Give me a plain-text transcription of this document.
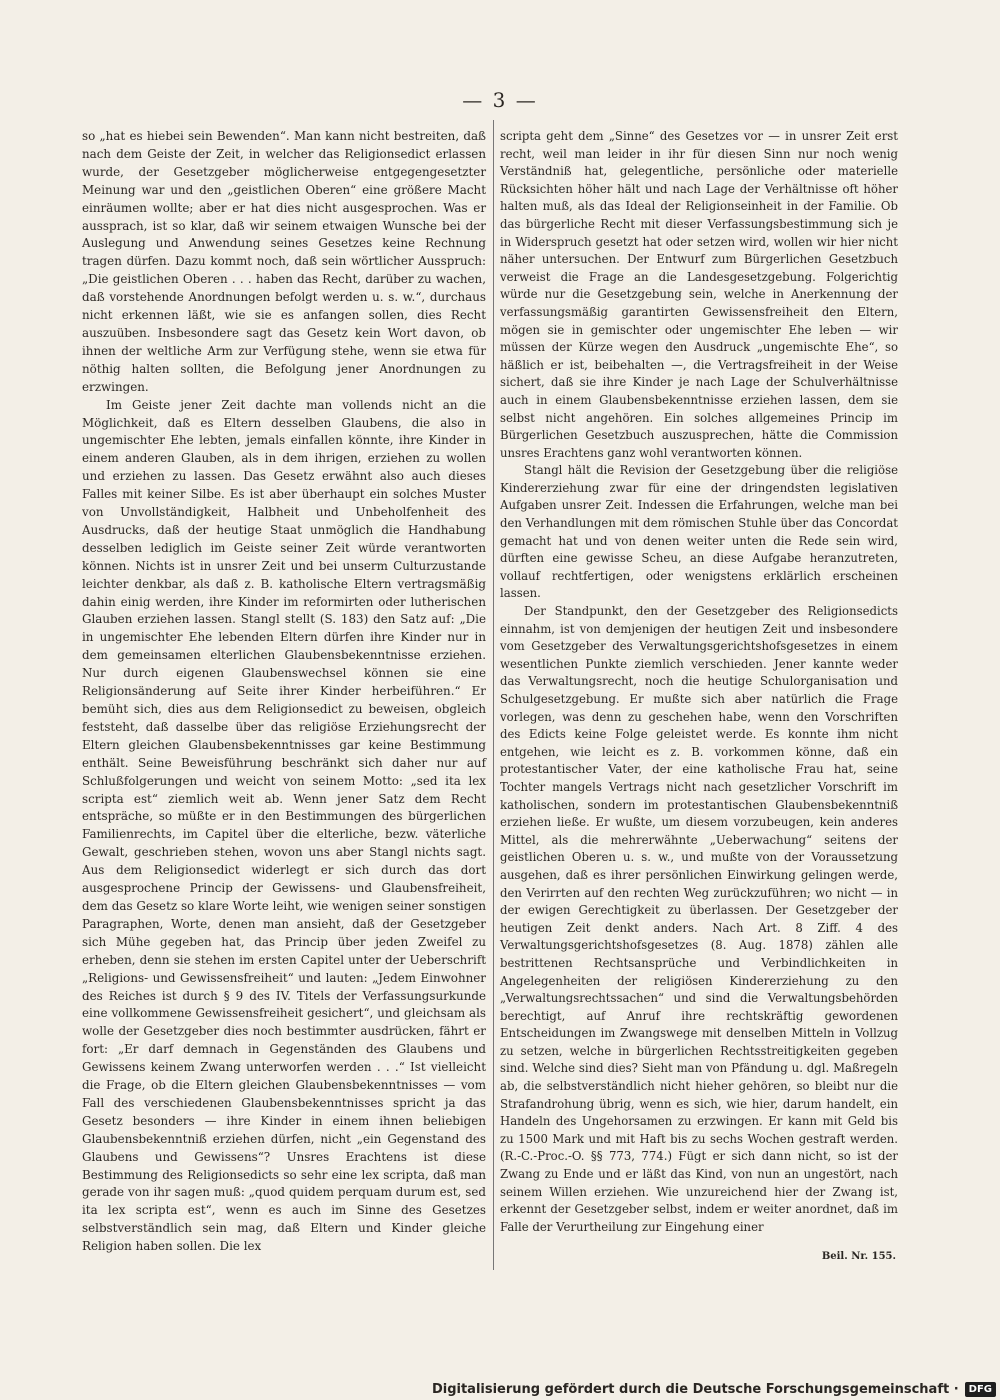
— 3 —

so „hat es hiebei sein Bewenden“. Man kann nicht bestreiten, daß nach dem Geiste der Zeit, in welcher das Religionsedict erlassen wurde, der Gesetzgeber möglicherweise entgegengesetzter Meinung war und den „geistlichen Oberen“ eine größere Macht einräumen wollte; aber er hat dies nicht ausgesprochen. Was er aussprach, ist so klar, daß wir seinem etwaigen Wunsche bei der Auslegung und Anwendung seines Gesetzes keine Rechnung tragen dürfen. Dazu kommt noch, daß sein wörtlicher Ausspruch: „Die geistlichen Oberen . . . haben das Recht, darüber zu wachen, daß vorstehende Anordnungen befolgt werden u. s. w.“, durchaus nicht erkennen läßt, wie sie es anfangen sollen, dies Recht auszuüben. Insbesondere sagt das Gesetz kein Wort davon, ob ihnen der weltliche Arm zur Verfügung stehe, wenn sie etwa für nöthig halten sollten, die Befolgung jener Anordnungen zu erzwingen.

Im Geiste jener Zeit dachte man vollends nicht an die Möglichkeit, daß es Eltern desselben Glaubens, die also in ungemischter Ehe lebten, jemals einfallen könnte, ihre Kinder in einem anderen Glauben, als in dem ihrigen, erziehen zu wollen und erziehen zu lassen. Das Gesetz erwähnt also auch dieses Falles mit keiner Silbe. Es ist aber überhaupt ein solches Muster von Unvollständigkeit, Halbheit und Unbeholfenheit des Ausdrucks, daß der heutige Staat unmöglich die Handhabung desselben lediglich im Geiste seiner Zeit würde verantworten können. Nichts ist in unsrer Zeit und bei unserm Culturzustande leichter denkbar, als daß z. B. katholische Eltern vertragsmäßig dahin einig werden, ihre Kinder im reformirten oder lutherischen Glauben erziehen lassen. Stangl stellt (S. 183) den Satz auf: „Die in ungemischter Ehe lebenden Eltern dürfen ihre Kinder nur in dem gemeinsamen elterlichen Glaubensbekenntnisse erziehen. Nur durch eigenen Glaubenswechsel können sie eine Religionsänderung auf Seite ihrer Kinder herbeiführen.“ Er bemüht sich, dies aus dem Religionsedict zu beweisen, obgleich feststeht, daß dasselbe über das religiöse Erziehungsrecht der Eltern gleichen Glaubensbekenntnisses gar keine Bestimmung enthält. Seine Beweisführung beschränkt sich daher nur auf Schlußfolgerungen und weicht von seinem Motto: „sed ita lex scripta est“ ziemlich weit ab. Wenn jener Satz dem Recht entspräche, so müßte er in den Bestimmungen des bürgerlichen Familienrechts, im Capitel über die elterliche, bezw. väterliche Gewalt, geschrieben stehen, wovon uns aber Stangl nichts sagt. Aus dem Religionsedict widerlegt er sich durch das dort ausgesprochene Princip der Gewissens- und Glaubensfreiheit, dem das Gesetz so klare Worte leiht, wie wenigen seiner sonstigen Paragraphen, Worte, denen man ansieht, daß der Gesetzgeber sich Mühe gegeben hat, das Princip über jeden Zweifel zu erheben, denn sie stehen im ersten Capitel unter der Ueberschrift „Religions- und Gewissensfreiheit“ und lauten: „Jedem Einwohner des Reiches ist durch § 9 des IV. Titels der Verfassungsurkunde eine vollkommene Gewissensfreiheit gesichert“, und gleichsam als wolle der Gesetzgeber dies noch bestimmter ausdrücken, fährt er fort: „Er darf demnach in Gegenständen des Glaubens und Gewissens keinem Zwang unterworfen werden . . .“ Ist vielleicht die Frage, ob die Eltern gleichen Glaubensbekenntnisses — vom Fall des verschiedenen Glaubensbekenntnisses spricht ja das Gesetz besonders — ihre Kinder in einem ihnen beliebigen Glaubensbekenntniß erziehen dürfen, nicht „ein Gegenstand des Glaubens und Gewissens“? Unsres Erachtens ist diese Bestimmung des Religionsedicts so sehr eine lex scripta, daß man gerade von ihr sagen muß: „quod quidem perquam durum est, sed ita lex scripta est“, wenn es auch im Sinne des Gesetzes selbstverständlich sein mag, daß Eltern und Kinder gleiche Religion haben sollen. Die lex

scripta geht dem „Sinne“ des Gesetzes vor — in unsrer Zeit erst recht, weil man leider in ihr für diesen Sinn nur noch wenig Verständniß hat, gelegentliche, persönliche oder materielle Rücksichten höher hält und nach Lage der Verhältnisse oft höher halten muß, als das Ideal der Religionseinheit in der Familie. Ob das bürgerliche Recht mit dieser Verfassungsbestimmung sich je in Widerspruch gesetzt hat oder setzen wird, wollen wir hier nicht näher untersuchen. Der Entwurf zum Bürgerlichen Gesetzbuch verweist die Frage an die Landesgesetzgebung. Folgerichtig würde nur die Gesetzgebung sein, welche in Anerkennung der verfassungsmäßig garantirten Gewissensfreiheit den Eltern, mögen sie in gemischter oder ungemischter Ehe leben — wir müssen der Kürze wegen den Ausdruck „ungemischte Ehe“, so häßlich er ist, beibehalten —, die Vertragsfreiheit in der Weise sichert, daß sie ihre Kinder je nach Lage der Schulverhältnisse auch in einem Glaubensbekenntnisse erziehen lassen, dem sie selbst nicht angehören. Ein solches allgemeines Princip im Bürgerlichen Gesetzbuch auszusprechen, hätte die Commission unsres Erachtens ganz wohl verantworten können.

Stangl hält die Revision der Gesetzgebung über die religiöse Kindererziehung zwar für eine der dringendsten legislativen Aufgaben unsrer Zeit. Indessen die Erfahrungen, welche man bei den Verhandlungen mit dem römischen Stuhle über das Concordat gemacht hat und von denen weiter unten die Rede sein wird, dürften eine gewisse Scheu, an diese Aufgabe heranzutreten, vollauf rechtfertigen, oder wenigstens erklärlich erscheinen lassen.

Der Standpunkt, den der Gesetzgeber des Religionsedicts einnahm, ist von demjenigen der heutigen Zeit und insbesondere vom Gesetzgeber des Verwaltungsgerichtshofsgesetzes in einem wesentlichen Punkte ziemlich verschieden. Jener kannte weder das Verwaltungsrecht, noch die heutige Schulorganisation und Schulgesetzgebung. Er mußte sich aber natürlich die Frage vorlegen, was denn zu geschehen habe, wenn den Vorschriften des Edicts keine Folge geleistet werde. Es konnte ihm nicht entgehen, wie leicht es z. B. vorkommen könne, daß ein protestantischer Vater, der eine katholische Frau hat, seine Tochter mangels Vertrags nicht nach gesetzlicher Vorschrift im katholischen, sondern im protestantischen Glaubensbekenntniß erziehen ließe. Er wußte, um diesem vorzubeugen, kein anderes Mittel, als die mehrerwähnte „Ueberwachung“ seitens der geistlichen Oberen u. s. w., und mußte von der Voraussetzung ausgehen, daß es ihrer persönlichen Einwirkung gelingen werde, den Verirrten auf den rechten Weg zurückzuführen; wo nicht — in der ewigen Gerechtigkeit zu überlassen. Der Gesetzgeber der heutigen Zeit denkt anders. Nach Art. 8 Ziff. 4 des Verwaltungsgerichtshofsgesetzes (8. Aug. 1878) zählen alle bestrittenen Rechtsansprüche und Verbindlichkeiten in Angelegenheiten der religiösen Kindererziehung zu den „Verwaltungsrechtssachen“ und sind die Verwaltungsbehörden berechtigt, auf Anruf ihre rechtskräftig gewordenen Entscheidungen im Zwangswege mit denselben Mitteln in Vollzug zu setzen, welche in bürgerlichen Rechtsstreitigkeiten gegeben sind. Welche sind dies? Sieht man von Pfändung u. dgl. Maßregeln ab, die selbstverständlich nicht hieher gehören, so bleibt nur die Strafandrohung übrig, wenn es sich, wie hier, darum handelt, ein Handeln des Ungehorsamen zu erzwingen. Er kann mit Geld bis zu 1500 Mark und mit Haft bis zu sechs Wochen gestraft werden. (R.-C.-Proc.-O. §§ 773, 774.) Fügt er sich dann nicht, so ist der Zwang zu Ende und er läßt das Kind, von nun an ungestört, nach seinem Willen erziehen. Wie unzureichend hier der Zwang ist, erkennt der Gesetzgeber selbst, indem er weiter anordnet, daß im Falle der Verurtheilung zur Eingehung einer

Beil. Nr. 155.
Digitalisierung gefördert durch die Deutsche Forschungsgemeinschaft ·	DFG
